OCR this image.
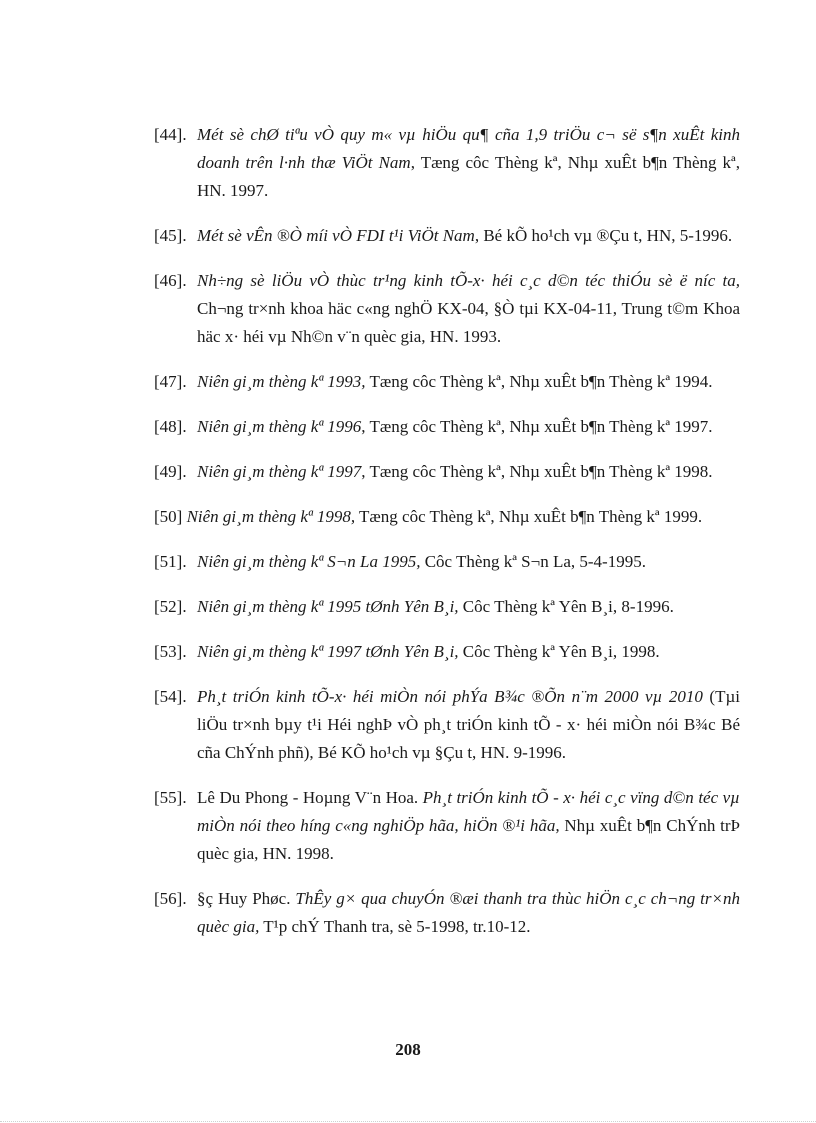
[44]. Mét sè chØ tiªu vÒ quy m« vµ hiÖu qu¶ cña 1,9 triÖu c¬ së s¶n xuÊt kinh doanh trên l·nh thæ ViÖt Nam, Tæng côc Thèng kª, Nhµ xuÊt b¶n Thèng kª, HN. 1997.

[45]. Mét sè vÊn ®Ò míi vÒ FDI t¹i ViÖt Nam, Bé kÕ ho¹ch vµ ®Çu t, HN, 5-1996.

[46]. Nh÷ng sè liÖu vÒ thùc tr¹ng kinh tÕ-x· héi c¸c d©n téc thiÓu sè ë níc ta, Ch¬ng tr×nh khoa häc c«ng nghÖ KX-04, §Ò tµi KX-04-11, Trung t©m Khoa häc x· héi vµ Nh©n v¨n quèc gia, HN. 1993.

[47]. Niên gi¸m thèng kª 1993, Tæng côc Thèng kª, Nhµ xuÊt b¶n Thèng kª 1994.

[48]. Niên gi¸m thèng kª 1996, Tæng côc Thèng kª, Nhµ xuÊt b¶n Thèng kª 1997.

[49]. Niên gi¸m thèng kª 1997, Tæng côc Thèng kª, Nhµ xuÊt b¶n Thèng kª 1998.

[50] Niên gi¸m thèng kª 1998, Tæng côc Thèng kª, Nhµ xuÊt b¶n Thèng kª 1999.

[51]. Niên gi¸m thèng kª S¬n La 1995, Côc Thèng kª S¬n La, 5-4-1995.

[52]. Niên gi¸m thèng kª 1995 tØnh Yên B¸i, Côc Thèng kª Yên B¸i, 8-1996.

[53]. Niên gi¸m thèng kª 1997 tØnh Yên B¸i, Côc Thèng kª Yên B¸i, 1998.

[54]. Ph¸t triÓn kinh tÕ-x· héi miÒn nói phÝa B¾c ®Õn n¨m 2000 vµ 2010 (Tµi liÖu tr×nh bµy t¹i Héi nghÞ vÒ ph¸t triÓn kinh tÕ - x· héi miÒn nói B¾c Bé cña ChÝnh phñ), Bé KÕ ho¹ch vµ §Çu t, HN. 9-1996.

[55]. Lê Du Phong - Hoµng V¨n Hoa. Ph¸t triÓn kinh tÕ - x· héi c¸c vïng d©n téc vµ miÒn nói theo híng c«ng nghiÖp hãa, hiÖn ®¹i hãa, Nhµ xuÊt b¶n ChÝnh trÞ quèc gia, HN. 1998.

[56]. §ç Huy Phøc. ThÊy g× qua chuyÓn ®æi thanh tra thùc hiÖn c¸c ch¬ng tr×nh quèc gia, T¹p chÝ Thanh tra, sè 5-1998, tr.10-12.

208
